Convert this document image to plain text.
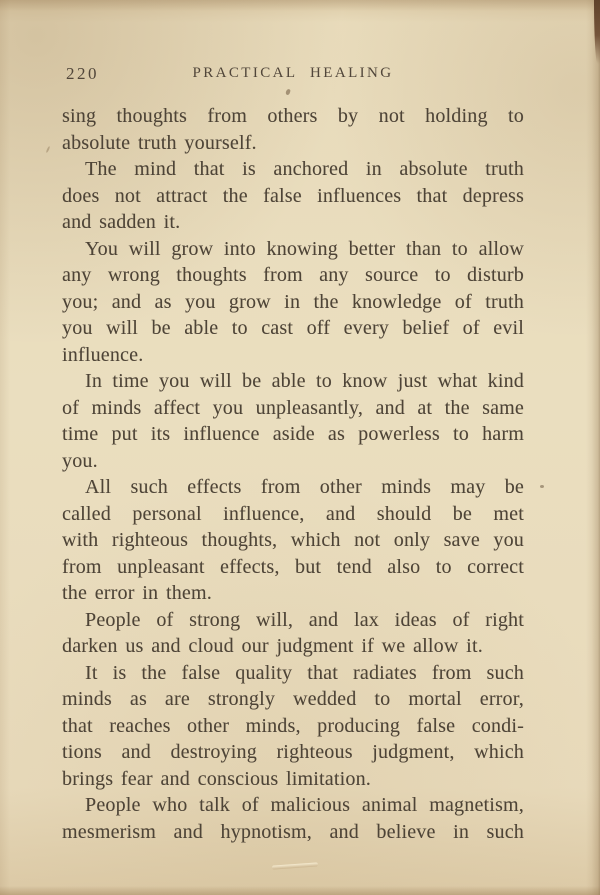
220	PRACTICAL HEALING
sing thoughts from others by not holding to
absolute truth yourself.
The mind that is anchored in absolute truth
does not attract the false influences that depress
and sadden it.
You will grow into knowing better than to allow
any wrong thoughts from any source to disturb
you; and as you grow in the knowledge of truth
you will be able to cast off every belief of evil
influence.
In time you will be able to know just what kind
of minds affect you unpleasantly, and at the same
time put its influence aside as powerless to harm
you.
All such effects from other minds may be
called personal influence, and should be met
with righteous thoughts, which not only save you
from unpleasant effects, but tend also to correct
the error in them.
People of strong will, and lax ideas of right
darken us and cloud our judgment if we allow it.
It is the false quality that radiates from such
minds as are strongly wedded to mortal error,
that reaches other minds, producing false condi-
tions and destroying righteous judgment, which
brings fear and conscious limitation.
People who talk of malicious animal magnetism,
mesmerism and hypnotism, and believe in such
